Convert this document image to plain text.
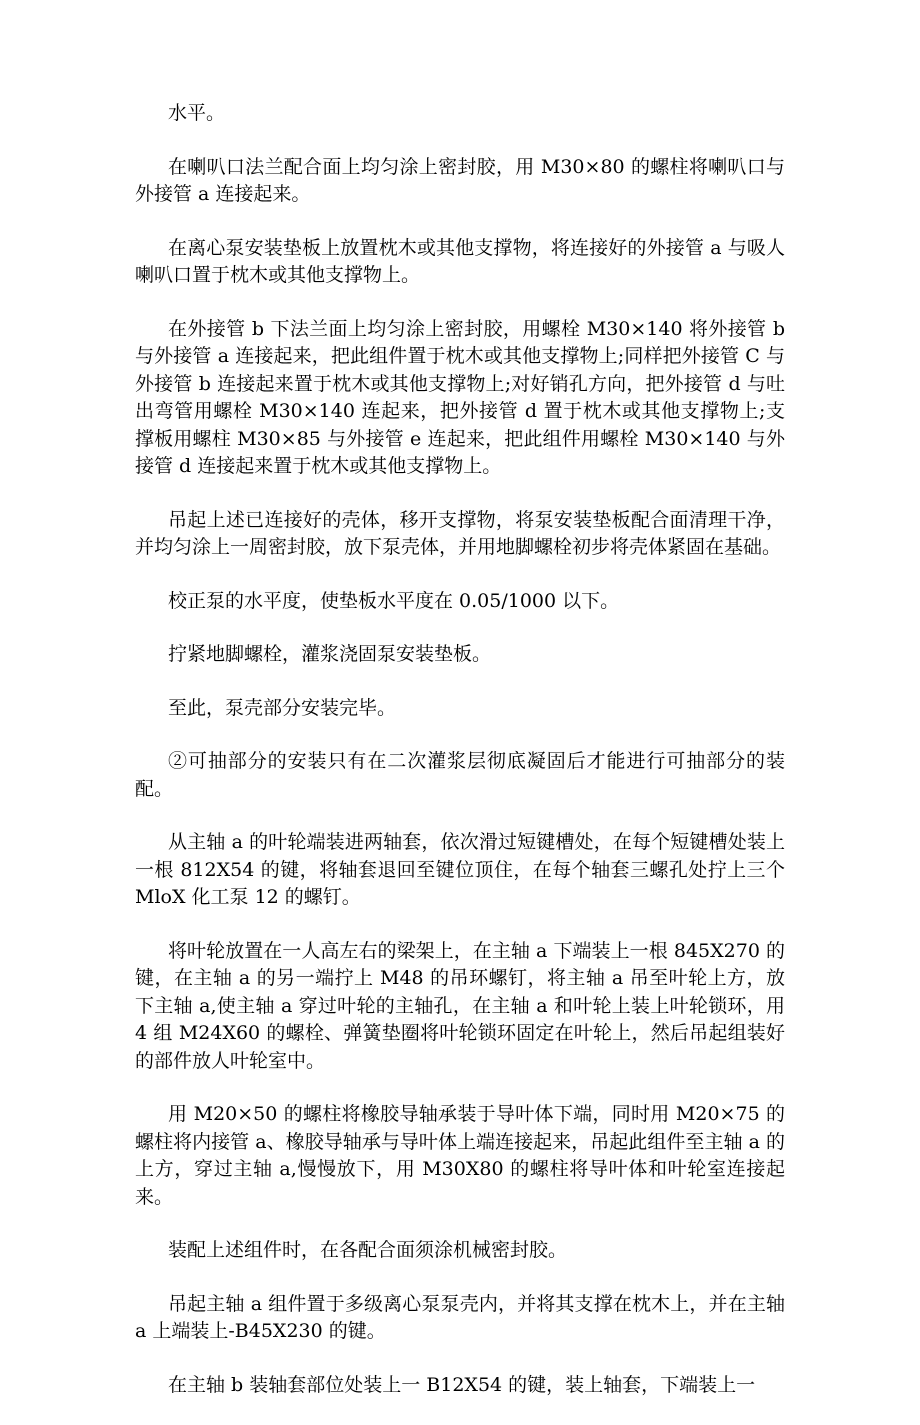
水平。

在喇叭口法兰配合面上均匀涂上密封胶，用 M30×80 的螺柱将喇叭口与外接管 a 连接起来。

在离心泵安装垫板上放置枕木或其他支撑物，将连接好的外接管 a 与吸人喇叭口置于枕木或其他支撑物上。

在外接管 b 下法兰面上均匀涂上密封胶，用螺栓 M30×140 将外接管 b 与外接管 a 连接起来，把此组件置于枕木或其他支撑物上;同样把外接管 C 与外接管 b 连接起来置于枕木或其他支撑物上;对好销孔方向，把外接管 d 与吐出弯管用螺栓 M30×140 连起来，把外接管 d 置于枕木或其他支撑物上;支撑板用螺柱 M30×85 与外接管 e 连起来，把此组件用螺栓 M30×140 与外接管 d 连接起来置于枕木或其他支撑物上。

吊起上述已连接好的壳体，移开支撑物，将泵安装垫板配合面清理干净，并均匀涂上一周密封胶，放下泵壳体，并用地脚螺栓初步将壳体紧固在基础。

校正泵的水平度，使垫板水平度在 0.05/1000 以下。

拧紧地脚螺栓，灌浆浇固泵安装垫板。

至此，泵壳部分安装完毕。

②可抽部分的安装只有在二次灌浆层彻底凝固后才能进行可抽部分的装配。

从主轴 a 的叶轮端装进两轴套，依次滑过短键槽处，在每个短键槽处装上一根 812X54 的键，将轴套退回至键位顶住，在每个轴套三螺孔处拧上三个 MloX 化工泵 12 的螺钉。

将叶轮放置在一人高左右的梁架上，在主轴 a 下端装上一根 845X270 的键，在主轴 a 的另一端拧上 M48 的吊环螺钉，将主轴 a 吊至叶轮上方，放下主轴 a,使主轴 a 穿过叶轮的主轴孔，在主轴 a 和叶轮上装上叶轮锁环，用 4 组 M24X60 的螺栓、弹簧垫圈将叶轮锁环固定在叶轮上，然后吊起组装好的部件放人叶轮室中。

用 M20×50 的螺柱将橡胶导轴承装于导叶体下端，同时用 M20×75 的螺柱将内接管 a、橡胶导轴承与导叶体上端连接起来，吊起此组件至主轴 a 的上方，穿过主轴 a,慢慢放下，用 M30X80 的螺柱将导叶体和叶轮室连接起来。

装配上述组件时，在各配合面须涂机械密封胶。

吊起主轴 a 组件置于多级离心泵泵壳内，并将其支撑在枕木上，并在主轴 a 上端装上-B45X230 的键。

在主轴 b 装轴套部位处装上一 B12X54 的键，装上轴套，下端装上一
